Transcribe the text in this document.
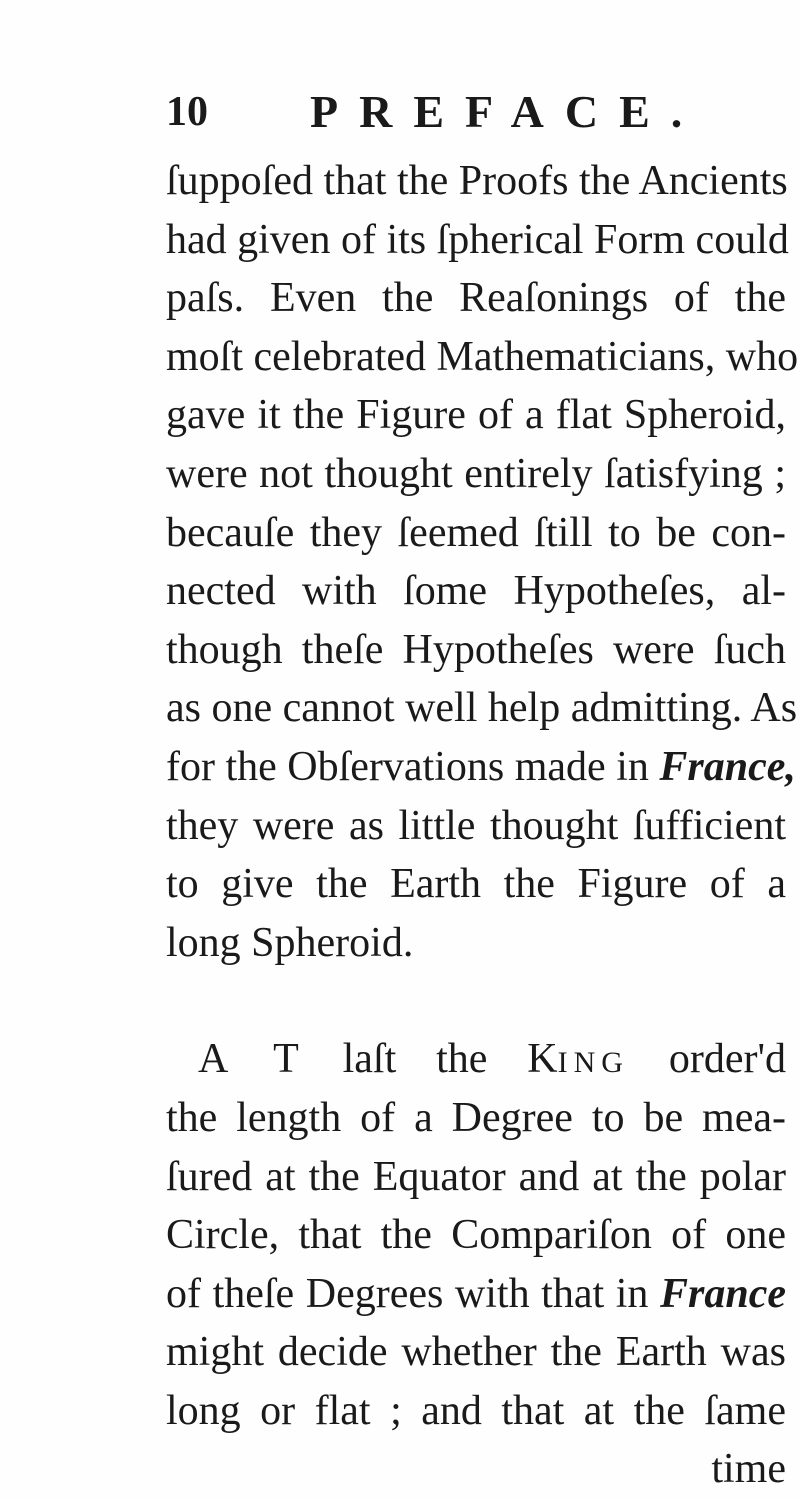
10 PREFACE.
ſuppoſed that the Proofs the Ancients
had given of its ſpherical Form could
paſs. Even the Reaſonings of the
moſt celebrated Mathematicians, who
gave it the Figure of a flat Spheroid,
were not thought entirely ſatisfying ;
becauſe they ſeemed ſtill to be con-
nected with ſome Hypotheſes, al-
though theſe Hypotheſes were ſuch
as one cannot well help admitting. As
for the Obſervations made in France,
they were as little thought ſufficient
to give the Earth the Figure of a
long Spheroid.
A T laſt the KING order'd
the length of a Degree to be mea-
ſured at the Equator and at the polar
Circle, that the Compariſon of one
of theſe Degrees with that in France
might decide whether the Earth was
long or flat ; and that at the ſame
time
